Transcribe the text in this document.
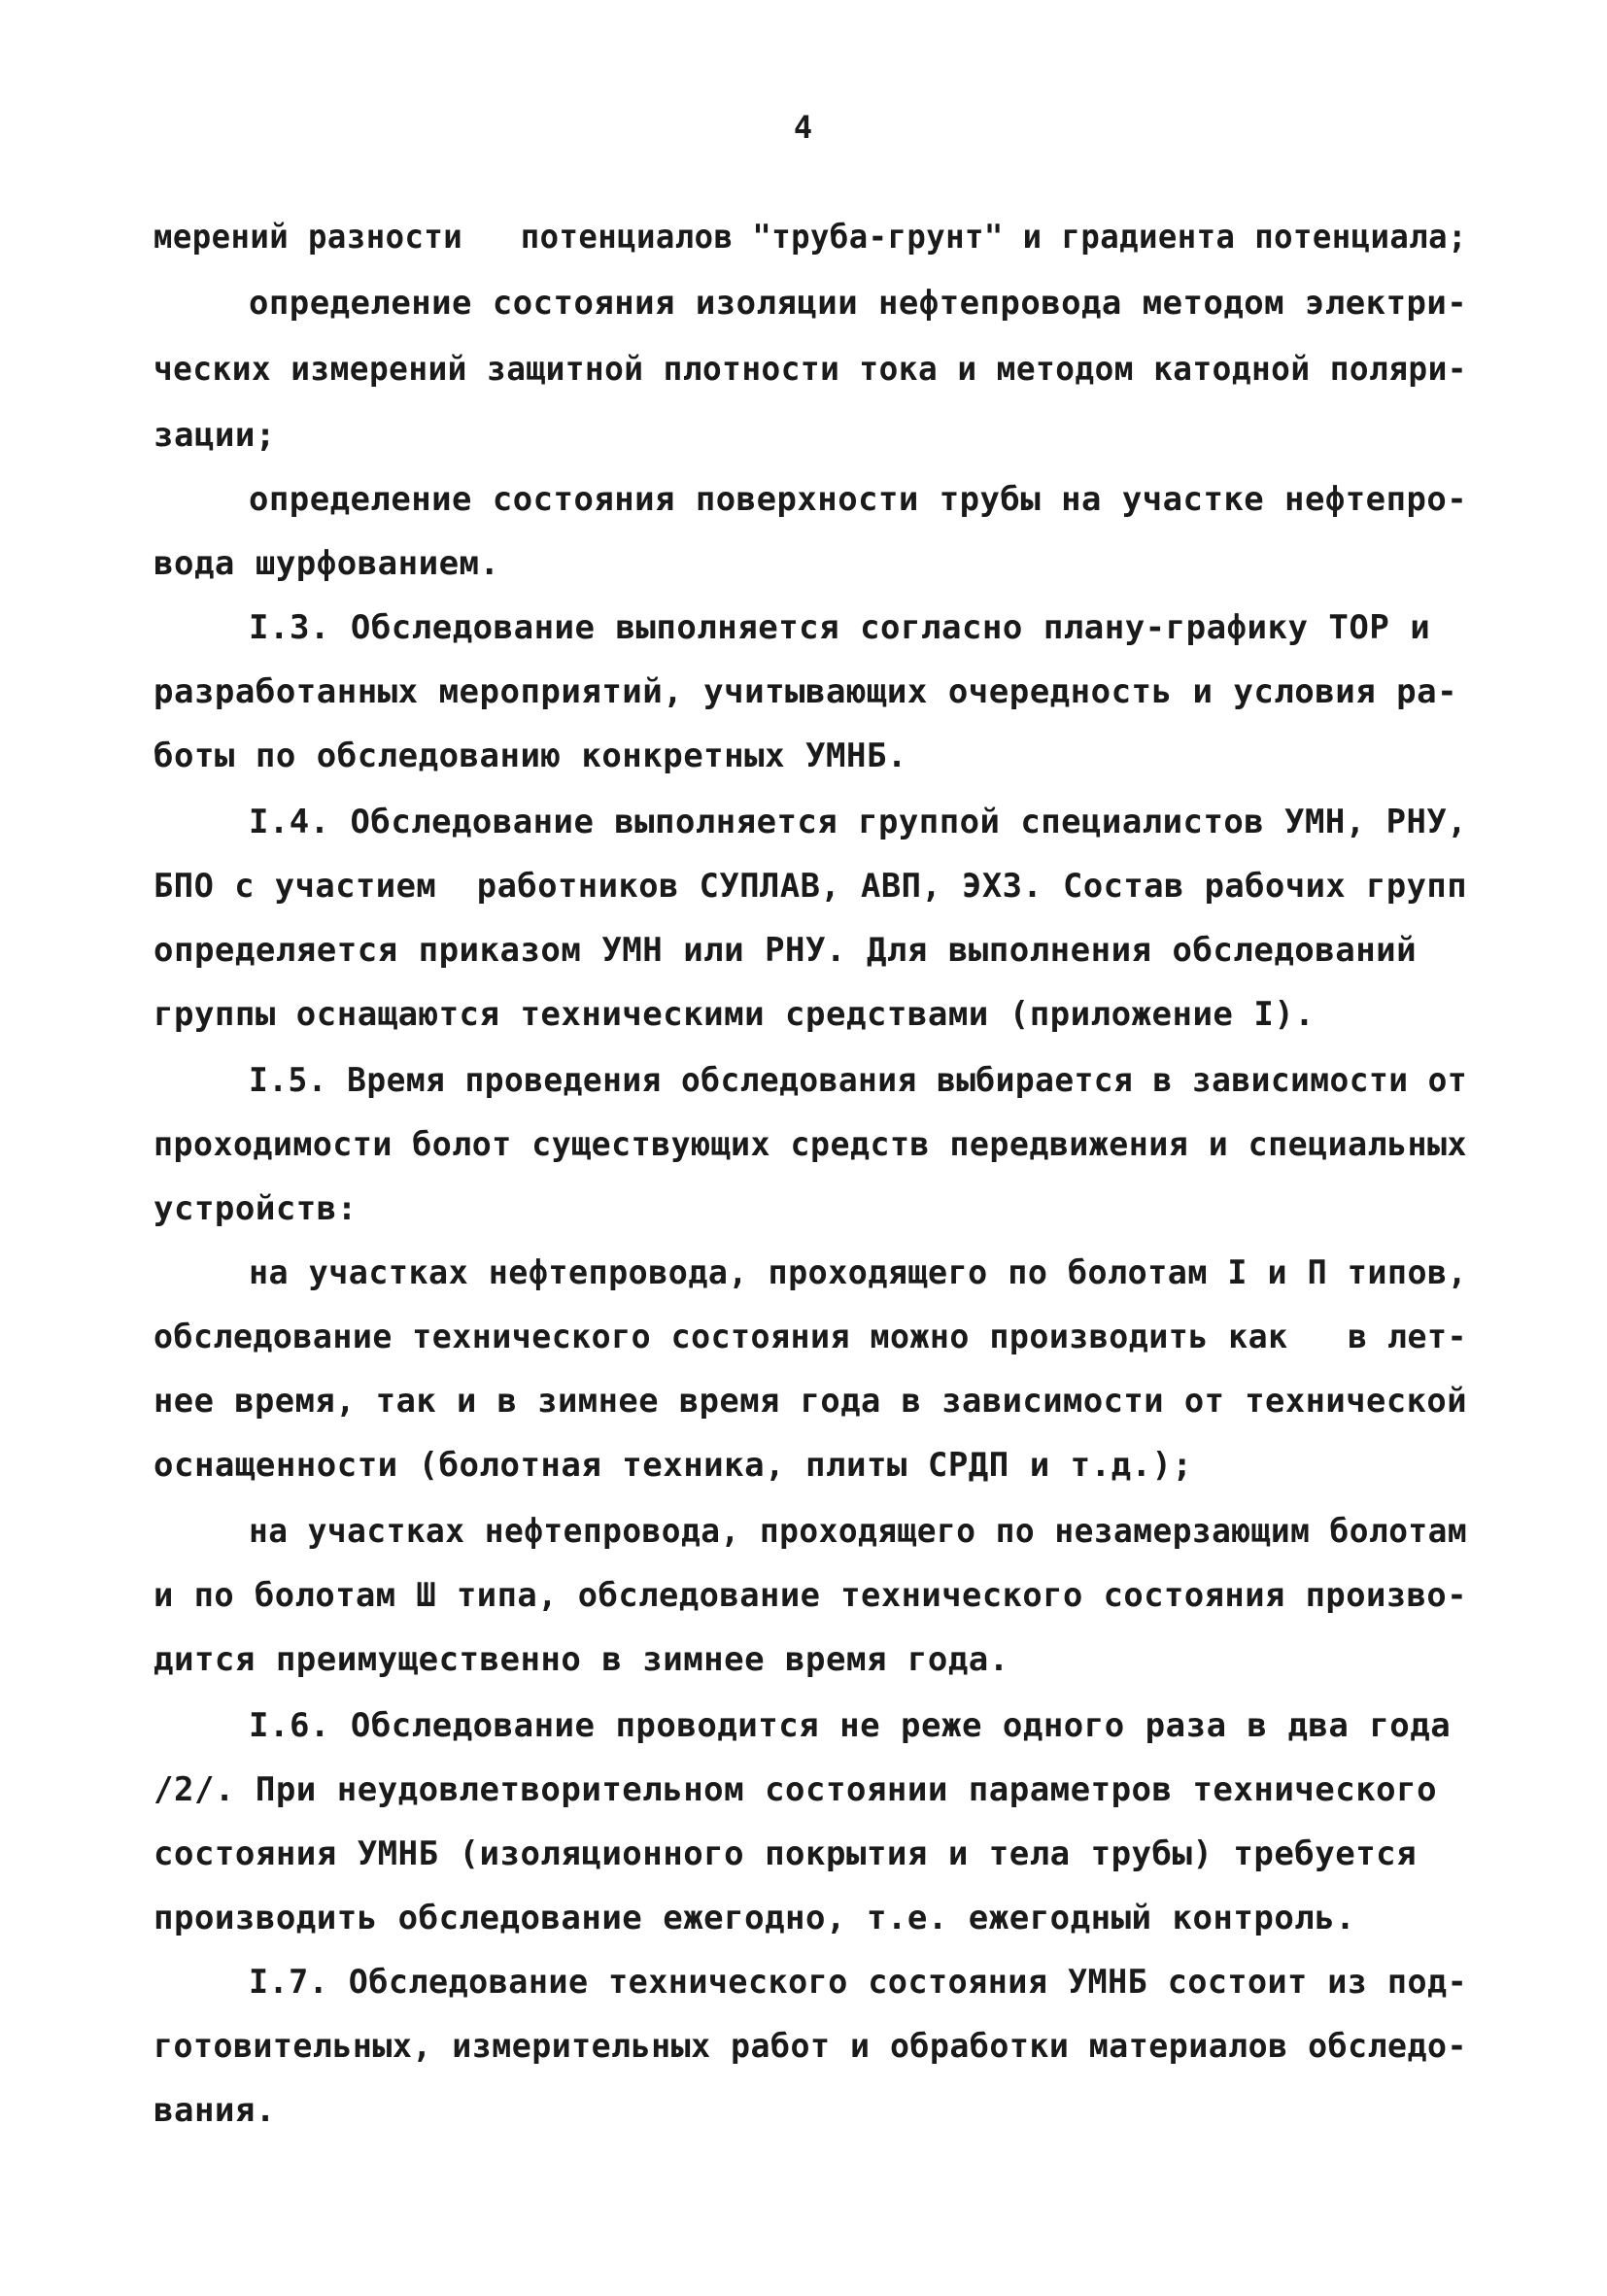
4
мерений разности   потенциалов "труба-грунт" и градиента потенциала;
определение состояния изоляции нефтепровода методом электри-
ческих измерений защитной плотности тока и методом катодной поляри-
зации;
определение состояния поверхности трубы на участке нефтепро-
вода шурфованием.
I.3. Обследование выполняется согласно плану-графику ТОР и
разработанных мероприятий, учитывающих очередность и условия ра-
боты по обследованию конкретных УМНБ.
I.4. Обследование выполняется группой специалистов УМН, РНУ,
БПО с участием  работников СУПЛАВ, АВП, ЭХЗ. Состав рабочих групп
определяется приказом УМН или РНУ. Для выполнения обследований
группы оснащаются техническими средствами (приложение I).
I.5. Время проведения обследования выбирается в зависимости от
проходимости болот существующих средств передвижения и специальных
устройств:
на участках нефтепровода, проходящего по болотам I и П типов,
обследование технического состояния можно производить как   в лет-
нее время, так и в зимнее время года в зависимости от технической
оснащенности (болотная техника, плиты СРДП и т.д.);
на участках нефтепровода, проходящего по незамерзающим болотам
и по болотам Ш типа, обследование технического состояния произво-
дится преимущественно в зимнее время года.
I.6. Обследование проводится не реже одного раза в два года
/2/. При неудовлетворительном состоянии параметров технического
состояния УМНБ (изоляционного покрытия и тела трубы) требуется
производить обследование ежегодно, т.е. ежегодный контроль.
I.7. Обследование технического состояния УМНБ состоит из под-
готовительных, измерительных работ и обработки материалов обследо-
вания.
